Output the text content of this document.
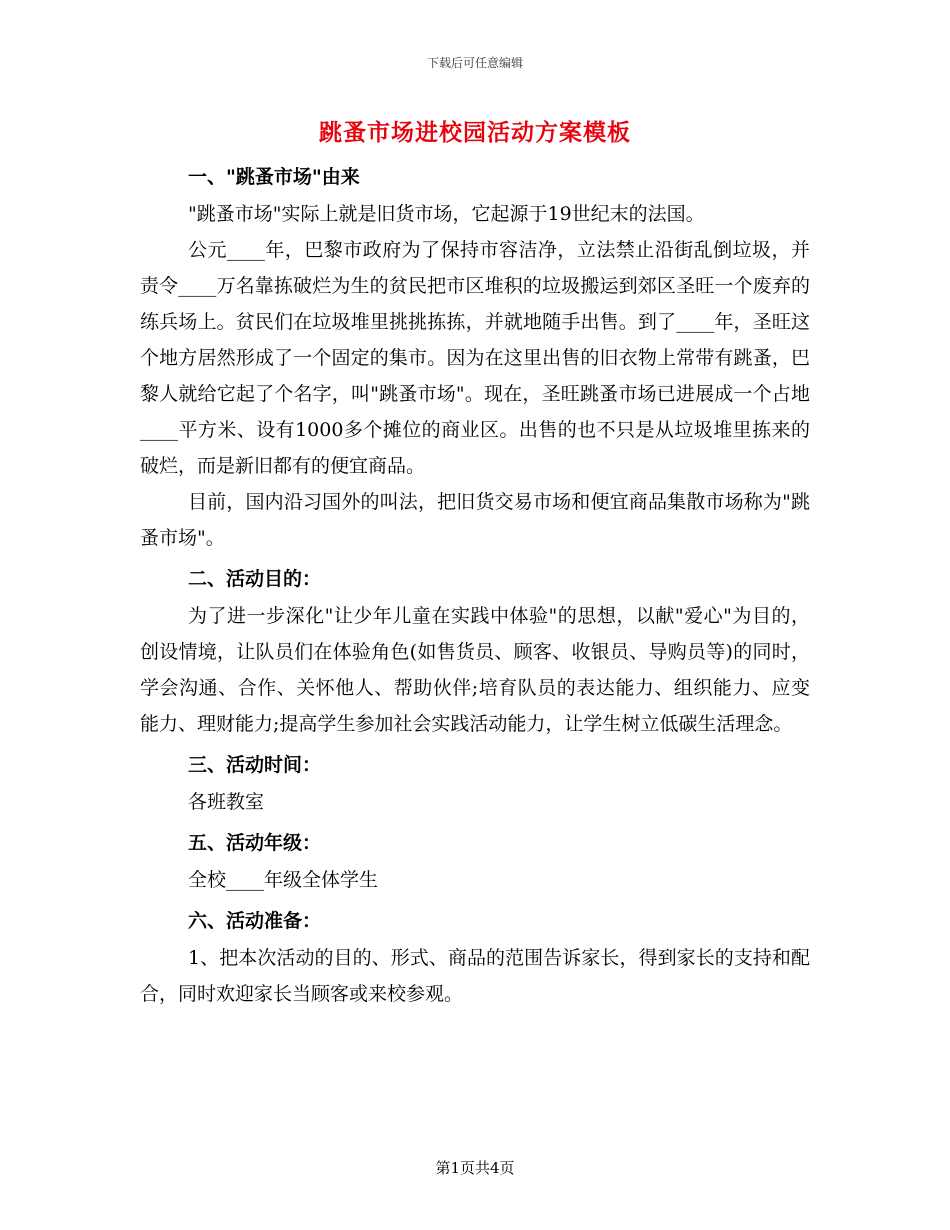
下载后可任意编辑
跳蚤市场进校园活动方案模板
一、"跳蚤市场"由来
"跳蚤市场"实际上就是旧货市场，它起源于19世纪末的法国。
公元____年，巴黎市政府为了保持市容洁净，立法禁止沿街乱倒垃圾，并责令____万名靠拣破烂为生的贫民把市区堆积的垃圾搬运到郊区圣旺一个废弃的练兵场上。贫民们在垃圾堆里挑挑拣拣，并就地随手出售。到了____年，圣旺这个地方居然形成了一个固定的集市。因为在这里出售的旧衣物上常带有跳蚤，巴黎人就给它起了个名字，叫"跳蚤市场"。现在，圣旺跳蚤市场已进展成一个占地____平方米、设有1000多个摊位的商业区。出售的也不只是从垃圾堆里拣来的破烂，而是新旧都有的便宜商品。
目前，国内沿习国外的叫法，把旧货交易市场和便宜商品集散市场称为"跳蚤市场"。
二、活动目的：
为了进一步深化"让少年儿童在实践中体验"的思想，以献"爱心"为目的，创设情境，让队员们在体验角色(如售货员、顾客、收银员、导购员等)的同时，学会沟通、合作、关怀他人、帮助伙伴;培育队员的表达能力、组织能力、应变能力、理财能力;提高学生参加社会实践活动能力，让学生树立低碳生活理念。
三、活动时间：
各班教室
五、活动年级：
全校____年级全体学生
六、活动准备：
1、把本次活动的目的、形式、商品的范围告诉家长，得到家长的支持和配合，同时欢迎家长当顾客或来校参观。
第1页共4页
